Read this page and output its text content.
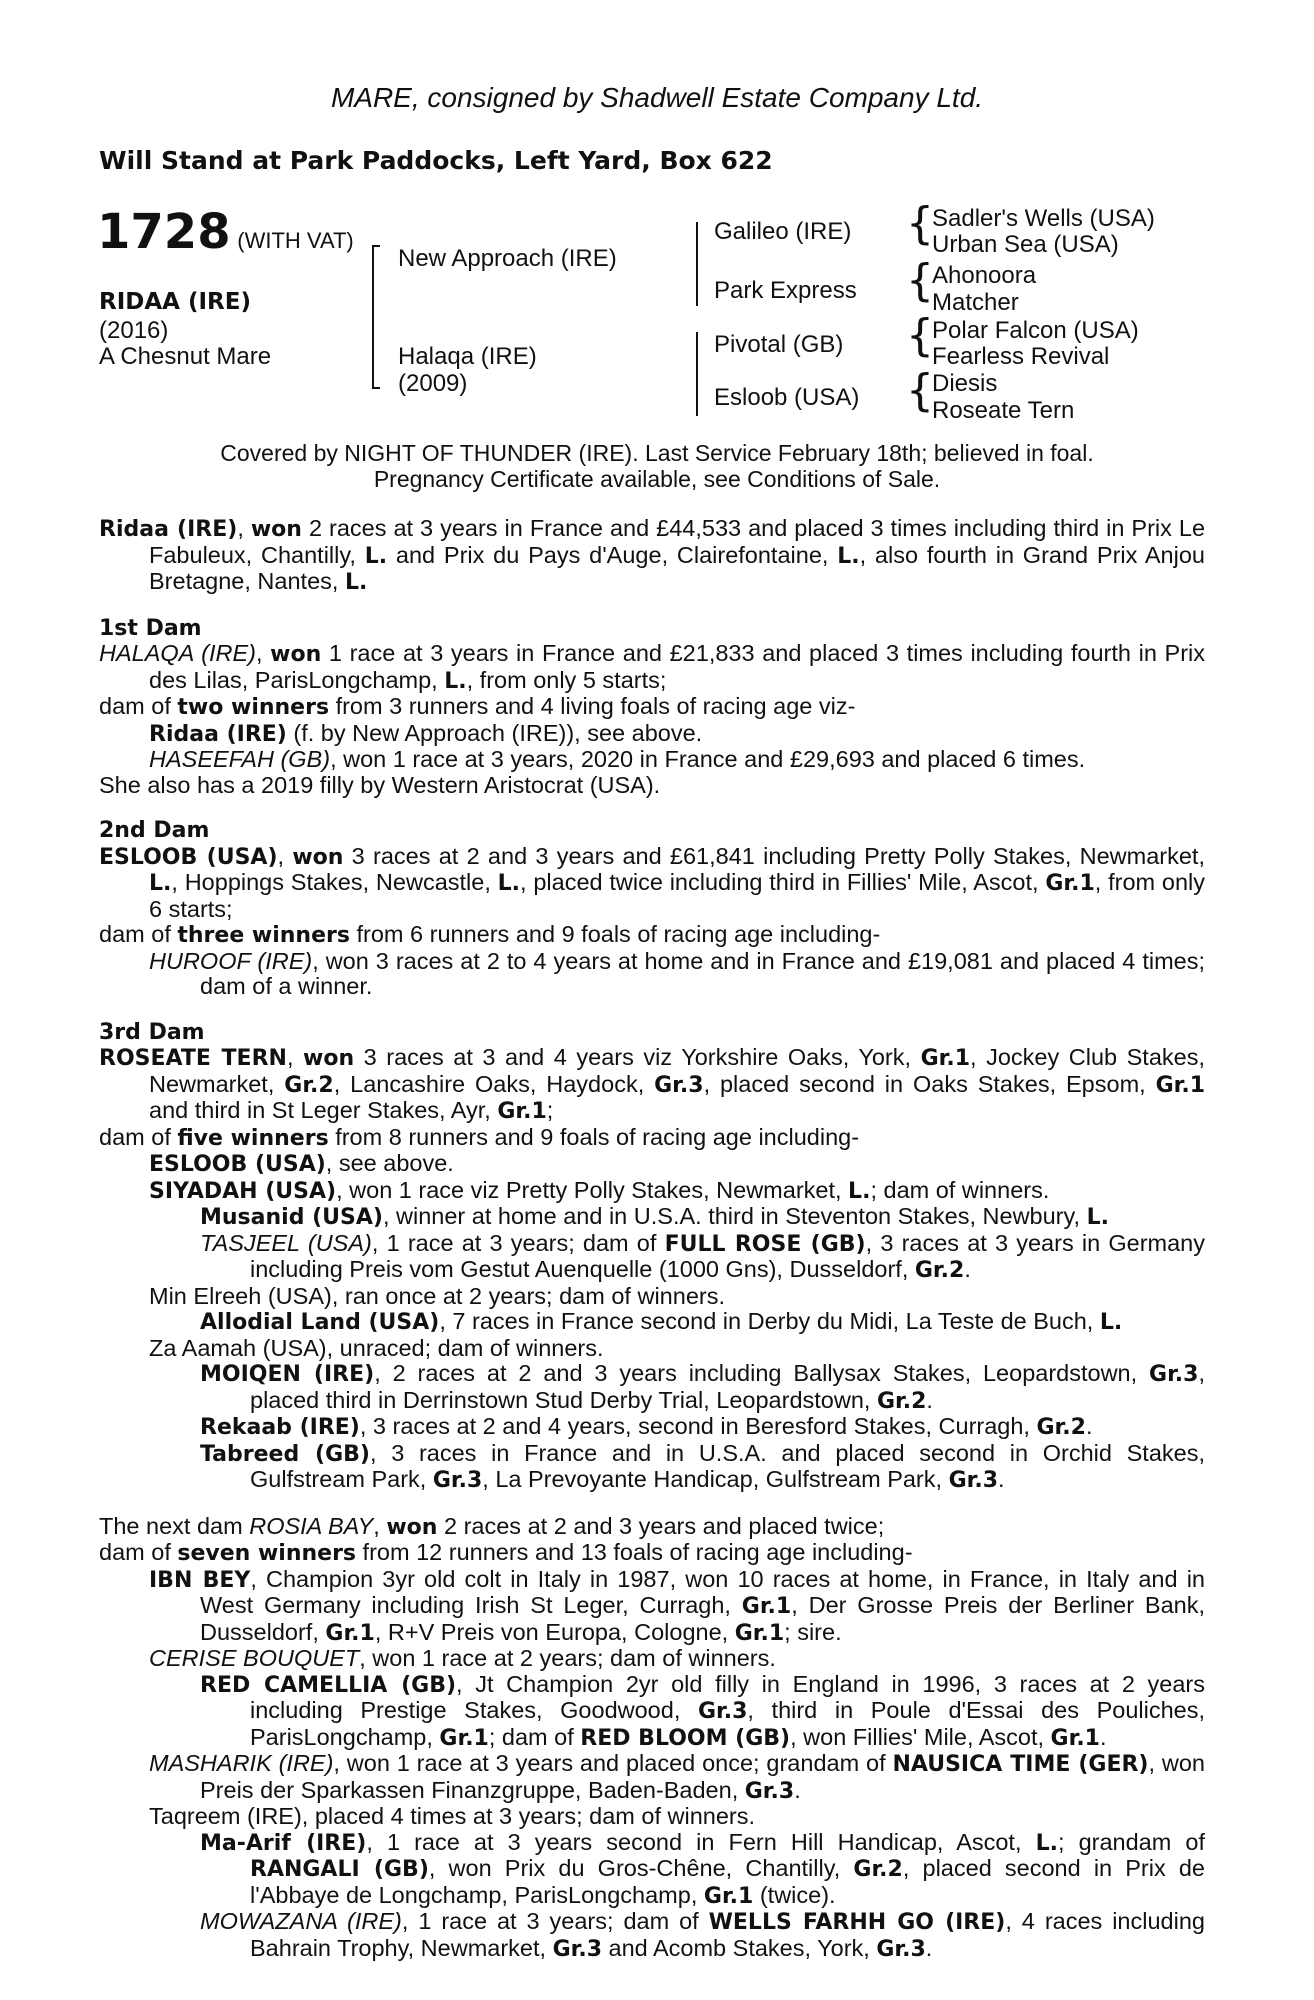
MARE, consigned by Shadwell Estate Company Ltd.
Will Stand at Park Paddocks, Left Yard, Box 622
1728 (WITH VAT)
RIDAA (IRE)
(2016)
A Chesnut Mare
New Approach (IRE)
Halaqa (IRE)
(2009)
Galileo (IRE)
Park Express
Pivotal (GB)
Esloob (USA)
{
{
{
{
Sadler's Wells (USA)
Urban Sea (USA)
Ahonoora
Matcher
Polar Falcon (USA)
Fearless Revival
Diesis
Roseate Tern
Covered by NIGHT OF THUNDER (IRE). Last Service February 18th; believed in foal.
Pregnancy Certificate available, see Conditions of Sale.

Ridaa (IRE), won 2 races at 3 years in France and £44,533 and placed 3 times including third in Prix Le Fabuleux, Chantilly, L. and Prix du Pays d'Auge, Clairefontaine, L., also fourth in Grand Prix Anjou Bretagne, Nantes, L.

1st Dam

HALAQA (IRE), won 1 race at 3 years in France and £21,833 and placed 3 times including fourth in Prix des Lilas, ParisLongchamp, L., from only 5 starts;

dam of two winners from 3 runners and 4 living foals of racing age viz-

Ridaa (IRE) (f. by New Approach (IRE)), see above.

HASEEFAH (GB), won 1 race at 3 years, 2020 in France and £29,693 and placed 6 times.

She also has a 2019 filly by Western Aristocrat (USA).

2nd Dam

ESLOOB (USA), won 3 races at 2 and 3 years and £61,841 including Pretty Polly Stakes, Newmarket, L., Hoppings Stakes, Newcastle, L., placed twice including third in Fillies' Mile, Ascot, Gr.1, from only 6 starts;

dam of three winners from 6 runners and 9 foals of racing age including-

HUROOF (IRE), won 3 races at 2 to 4 years at home and in France and £19,081 and placed 4 times; dam of a winner.

3rd Dam

ROSEATE TERN, won 3 races at 3 and 4 years viz Yorkshire Oaks, York, Gr.1, Jockey Club Stakes, Newmarket, Gr.2, Lancashire Oaks, Haydock, Gr.3, placed second in Oaks Stakes, Epsom, Gr.1 and third in St Leger Stakes, Ayr, Gr.1;

dam of five winners from 8 runners and 9 foals of racing age including-

ESLOOB (USA), see above.

SIYADAH (USA), won 1 race viz Pretty Polly Stakes, Newmarket, L.; dam of winners.

Musanid (USA), winner at home and in U.S.A. third in Steventon Stakes, Newbury, L.

TASJEEL (USA), 1 race at 3 years; dam of FULL ROSE (GB), 3 races at 3 years in Germany including Preis vom Gestut Auenquelle (1000 Gns), Dusseldorf, Gr.2.

Min Elreeh (USA), ran once at 2 years; dam of winners.

Allodial Land (USA), 7 races in France second in Derby du Midi, La Teste de Buch, L.

Za Aamah (USA), unraced; dam of winners.

MOIQEN (IRE), 2 races at 2 and 3 years including Ballysax Stakes, Leopardstown, Gr.3, placed third in Derrinstown Stud Derby Trial, Leopardstown, Gr.2.

Rekaab (IRE), 3 races at 2 and 4 years, second in Beresford Stakes, Curragh, Gr.2.

Tabreed (GB), 3 races in France and in U.S.A. and placed second in Orchid Stakes, Gulfstream Park, Gr.3, La Prevoyante Handicap, Gulfstream Park, Gr.3.

The next dam ROSIA BAY, won 2 races at 2 and 3 years and placed twice;

dam of seven winners from 12 runners and 13 foals of racing age including-

IBN BEY, Champion 3yr old colt in Italy in 1987, won 10 races at home, in France, in Italy and in West Germany including Irish St Leger, Curragh, Gr.1, Der Grosse Preis der Berliner Bank, Dusseldorf, Gr.1, R+V Preis von Europa, Cologne, Gr.1; sire.

CERISE BOUQUET, won 1 race at 2 years; dam of winners.

RED CAMELLIA (GB), Jt Champion 2yr old filly in England in 1996, 3 races at 2 years including Prestige Stakes, Goodwood, Gr.3, third in Poule d'Essai des Pouliches, ParisLongchamp, Gr.1; dam of RED BLOOM (GB), won Fillies' Mile, Ascot, Gr.1.

MASHARIK (IRE), won 1 race at 3 years and placed once; grandam of NAUSICA TIME (GER), won Preis der Sparkassen Finanzgruppe, Baden-Baden, Gr.3.

Taqreem (IRE), placed 4 times at 3 years; dam of winners.

Ma-Arif (IRE), 1 race at 3 years second in Fern Hill Handicap, Ascot, L.; grandam of RANGALI (GB), won Prix du Gros-Chêne, Chantilly, Gr.2, placed second in Prix de l'Abbaye de Longchamp, ParisLongchamp, Gr.1 (twice).

MOWAZANA (IRE), 1 race at 3 years; dam of WELLS FARHH GO (IRE), 4 races including Bahrain Trophy, Newmarket, Gr.3 and Acomb Stakes, York, Gr.3.
